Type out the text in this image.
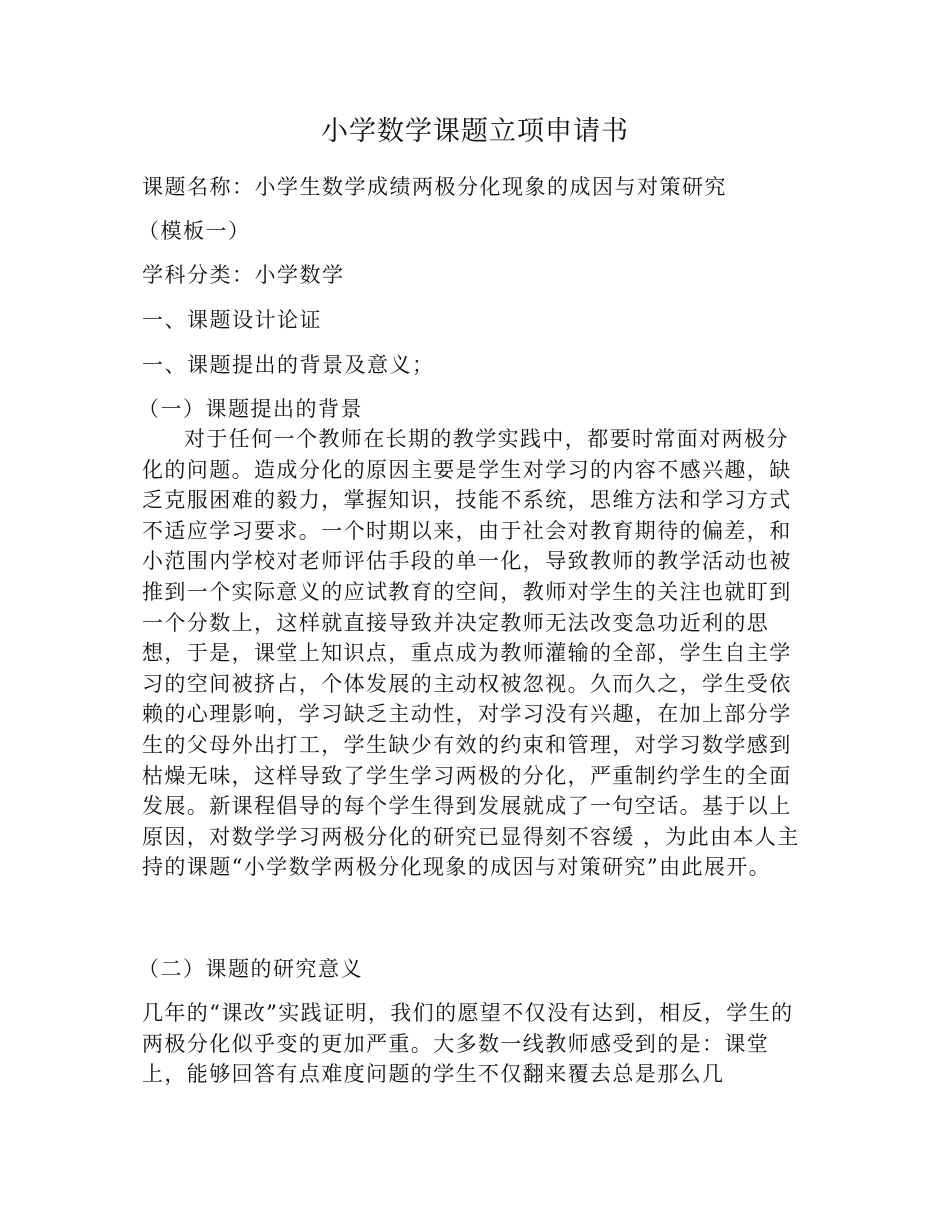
小学数学课题立项申请书
课题名称：小学生数学成绩两极分化现象的成因与对策研究
（模板一）
学科分类：小学数学
一、课题设计论证
一、课题提出的背景及意义；
（一）课题提出的背景

对于任何一个教师在长期的教学实践中，都要时常面对两极分化的问题。造成分化的原因主要是学生对学习的内容不感兴趣，缺乏克服困难的毅力，掌握知识，技能不系统，思维方法和学习方式不适应学习要求。一个时期以来，由于社会对教育期待的偏差，和小范围内学校对老师评估手段的单一化，导致教师的教学活动也被推到一个实际意义的应试教育的空间，教师对学生的关注也就盯到一个分数上，这样就直接导致并决定教师无法改变急功近利的思想，于是，课堂上知识点，重点成为教师灌输的全部，学生自主学习的空间被挤占，个体发展的主动权被忽视。久而久之，学生受依赖的心理影响，学习缺乏主动性，对学习没有兴趣，在加上部分学生的父母外出打工，学生缺少有效的约束和管理，对学习数学感到枯燥无味，这样导致了学生学习两极的分化，严重制约学生的全面发展。新课程倡导的每个学生得到发展就成了一句空话。基于以上原因，对数学学习两极分化的研究已显得刻不容缓 ，为此由本人主持的课题“小学数学两极分化现象的成因与对策研究”由此展开。

（二）课题的研究意义

几年的“课改”实践证明，我们的愿望不仅没有达到，相反，学生的两极分化似乎变的更加严重。大多数一线教师感受到的是：课堂上，能够回答有点难度问题的学生不仅翻来覆去总是那么几
